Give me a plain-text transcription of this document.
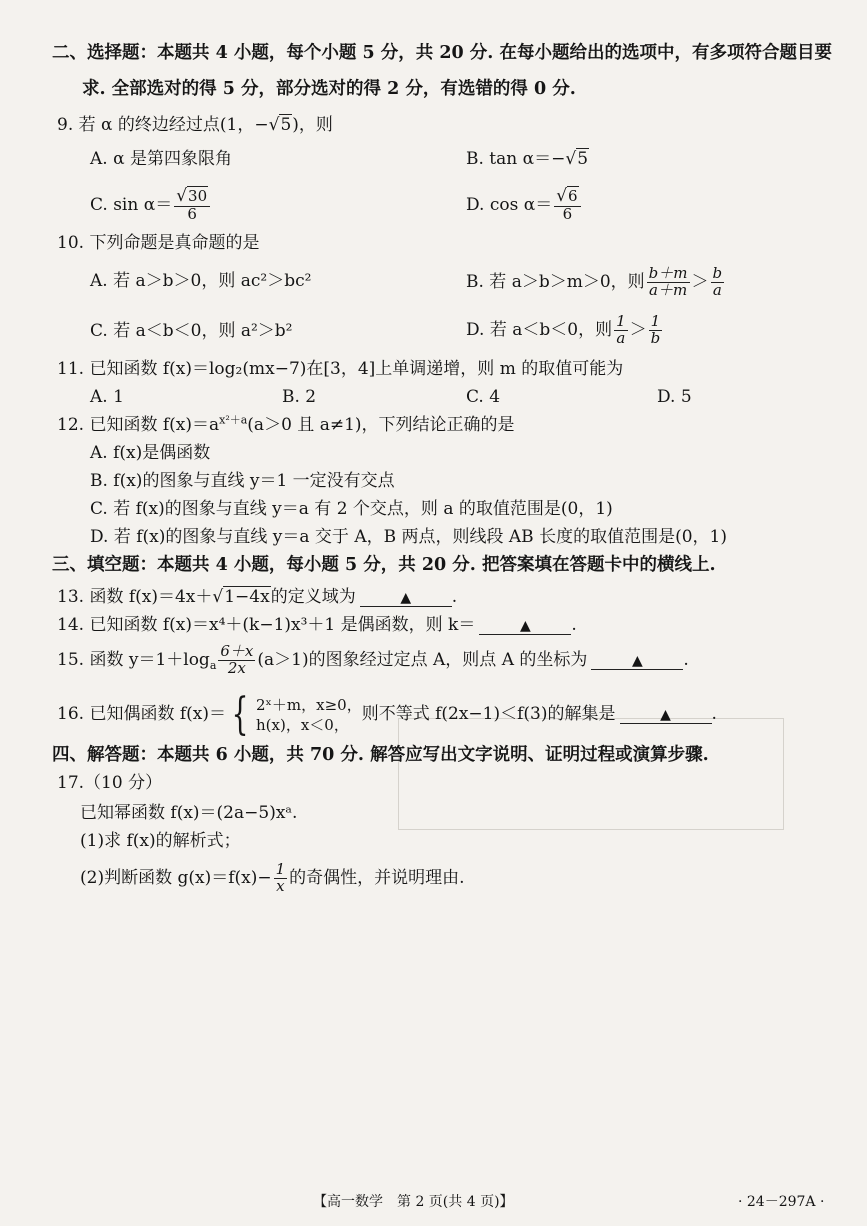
二、选择题：本题共 4 小题，每个小题 5 分，共 20 分. 在每小题给出的选项中，有多项符合题目要
求. 全部选对的得 5 分，部分选对的得 2 分，有选错的得 0 分.
9. 若 α 的终边经过点(1，−√5)，则
A. α 是第四象限角	B. tan α＝−√5
C. $\sin \alpha= \frac{√30}{6}$	D. $\cos \alpha= \frac{√6}{6}$
10. 下列命题是真命题的是
A. 若 a＞b＞0，则 ac²＞bc²	B. 若 a＞b＞m＞0，则 $\frac{b+m}{a+m} > \frac{b}{a}$
C. 若 a＜b＜0，则 a²＞b²	D. 若 a＜b＜0，则 $\frac{1}{a} > \frac{1}{b}$
11. 已知函数 f(x)＝log₂(mx−7)在[3，4]上单调递增，则 m 的取值可能为
A. 1	B. 2	C. 4	D. 5
12. 已知函数 $f(x)=a^{x^2+a}(a>0$ 且 a≠1)，下列结论正确的是
A. f(x)是偶函数
B. f(x)的图象与直线 y＝1 一定没有交点
C. 若 f(x)的图象与直线 y＝a 有 2 个交点，则 a 的取值范围是(0，1)
D. 若 f(x)的图象与直线 y＝a 交于 A，B 两点，则线段 AB 长度的取值范围是(0，1)
三、填空题：本题共 4 小题，每小题 5 分，共 20 分. 把答案填在答题卡中的横线上.
13. 函数 f(x)＝4x＋√1−4x的定义域为	▲ .
14. 已知函数 f(x)＝x⁴＋(k−1)x³＋1 是偶函数，则 k＝	▲ .
15. 函数 $y=1+\log_a \frac{6+x}{2x} (a>1)$的图象经过定点 A，则点 A 的坐标为	▲ .
16. 已知偶函数 f(x)＝ { 2ˣ＋m，x≥0，
h(x)，x＜0，
则不等式 f(2x−1)＜f(3)的解集是	▲ .
四、解答题：本题共 6 小题，共 70 分. 解答应写出文字说明、证明过程或演算步骤.
17.（10 分）
已知幂函数 f(x)＝(2a−5)xᵃ.
(1)求 f(x)的解析式；
(2)判断函数 $g(x)=f(x)- \frac{1}{x}$ 的奇偶性，并说明理由.
【高一数学　第 2 页(共 4 页)】	· 24－297A ·
